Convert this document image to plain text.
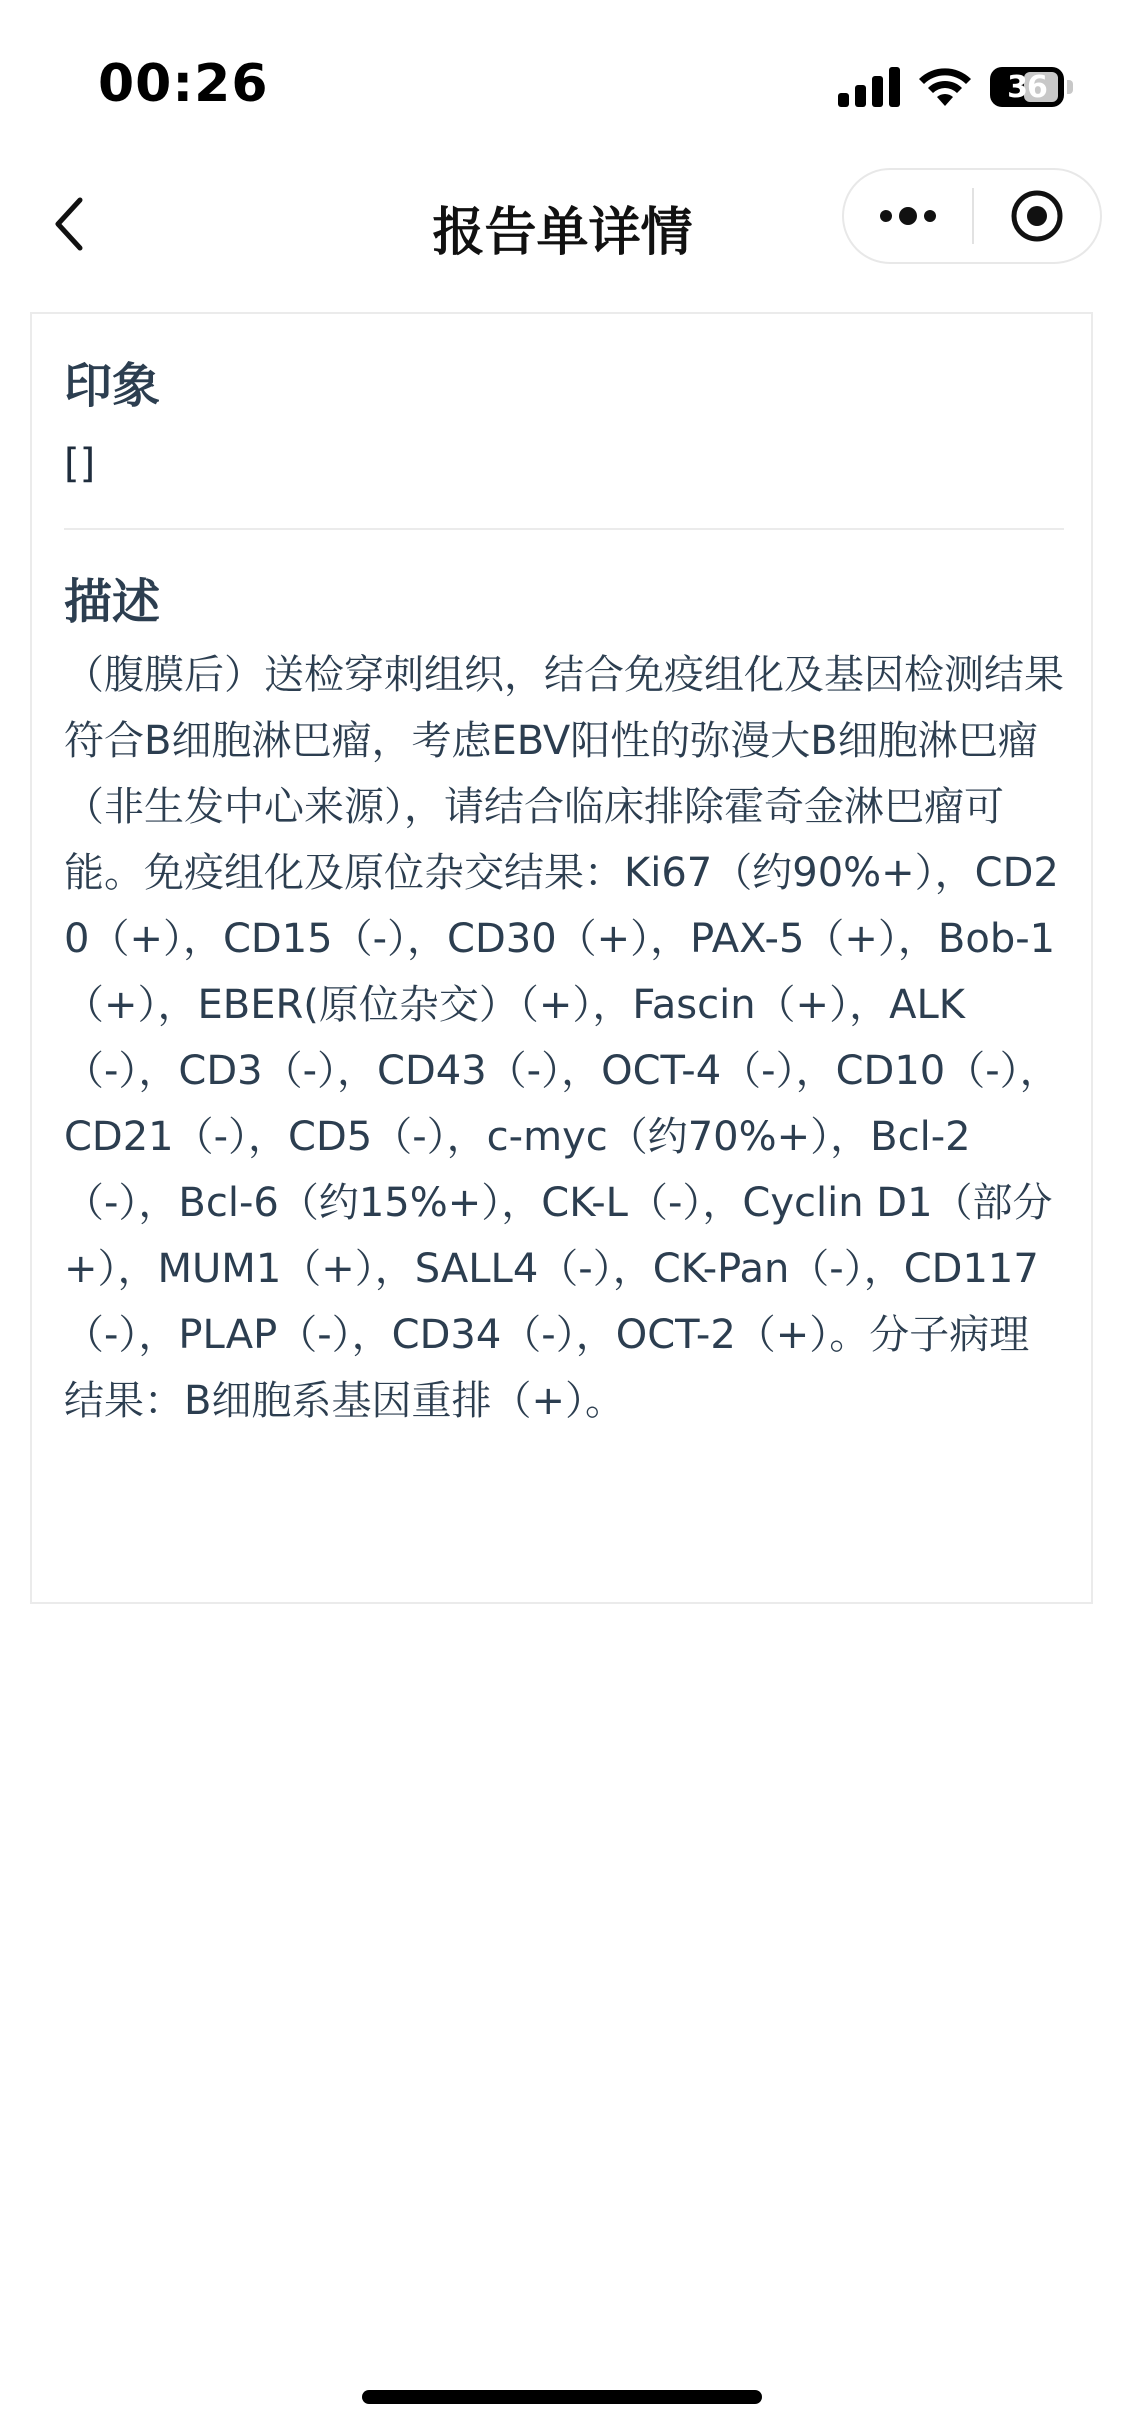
00:26	36
报告单详情
印象
[]
描述
（腹膜后）送检穿刺组织，结合免疫组化及基因检测结果符合B细胞淋巴瘤，考虑EBV阳性的弥漫大B细胞淋巴瘤（非生发中心来源），请结合临床排除霍奇金淋巴瘤可能。免疫组化及原位杂交结果：Ki67（约90%+），CD20（+），CD15（-），CD30（+），PAX-5（+），Bob-1（+），EBER(原位杂交）（+），Fascin（+），ALK（-），CD3（-），CD43（-），OCT-4（-），CD10（-），CD21（-），CD5（-），c-myc（约70%+），Bcl-2（-），Bcl-6（约15%+），CK-L（-），Cyclin D1（部分+），MUM1（+），SALL4（-），CK-Pan（-），CD117（-），PLAP（-），CD34（-），OCT-2（+）。分子病理结果：B细胞系基因重排（+）。
